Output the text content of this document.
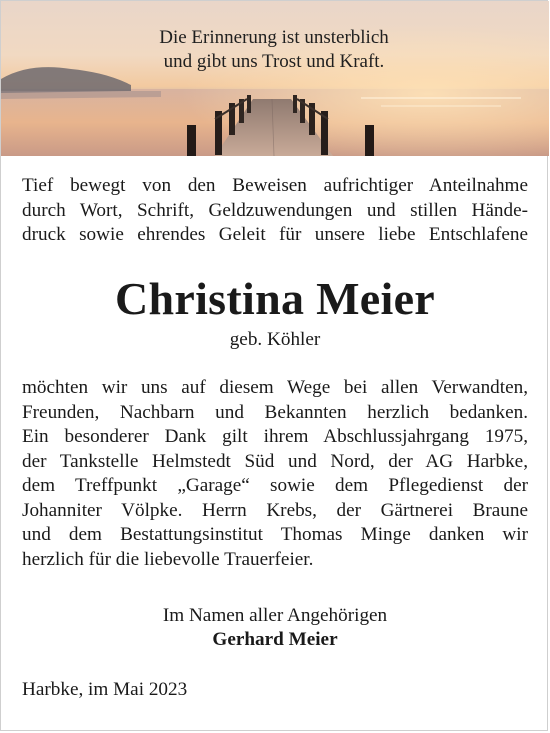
Die Erinnerung ist unsterblich
und gibt uns Trost und Kraft.
Tief bewegt von den Beweisen aufrichtiger Anteilnahme
durch Wort, Schrift, Geldzuwendungen und stillen Hände-
druck sowie ehrendes Geleit für unsere liebe Entschlafene
Christina Meier
geb. Köhler
möchten wir uns auf diesem Wege bei allen Verwandten,
Freunden, Nachbarn und Bekannten herzlich bedanken.
Ein besonderer Dank gilt ihrem Abschlussjahrgang 1975,
der Tankstelle Helmstedt Süd und Nord, der AG Harbke,
dem Treffpunkt „Garage“ sowie dem Pflegedienst der
Johanniter Völpke. Herrn Krebs, der Gärtnerei Braune
und dem Bestattungsinstitut Thomas Minge danken wir
herzlich für die liebevolle Trauerfeier.
Im Namen aller Angehörigen
Gerhard Meier
Harbke, im Mai 2023
